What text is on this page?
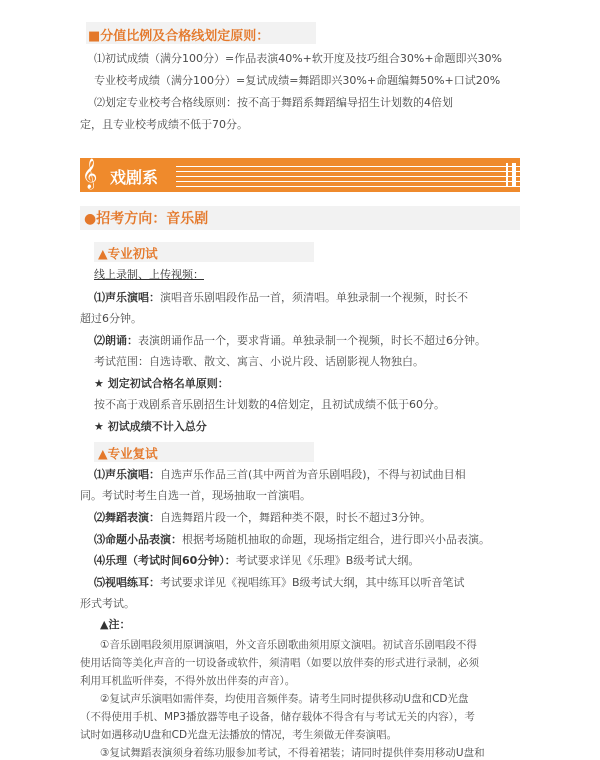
■分值比例及合格线划定原则：
⑴初试成绩（满分100分）=作品表演40%+软开度及技巧组合30%+命题即兴30%
专业校考成绩（满分100分）=复试成绩=舞蹈即兴30%+命题编舞50%+口试20%
⑵划定专业校考合格线原则：按不高于舞蹈系舞蹈编导招生计划数的4倍划
定，且专业校考成绩不低于70分。
𝄞 戏剧系
●招考方向：音乐剧
▲专业初试
线上录制、上传视频：
⑴声乐演唱：演唱音乐剧唱段作品一首，须清唱。单独录制一个视频，时长不
超过6分钟。
⑵朗诵：表演朗诵作品一个，要求背诵。单独录制一个视频，时长不超过6分钟。
考试范围：自选诗歌、散文、寓言、小说片段、话剧影视人物独白。
★ 划定初试合格名单原则：
按不高于戏剧系音乐剧招生计划数的4倍划定，且初试成绩不低于60分。
★ 初试成绩不计入总分
▲专业复试
⑴声乐演唱：自选声乐作品三首(其中两首为音乐剧唱段)，不得与初试曲目相
同。考试时考生自选一首，现场抽取一首演唱。
⑵舞蹈表演：自选舞蹈片段一个，舞蹈种类不限，时长不超过3分钟。
⑶命题小品表演：根据考场随机抽取的命题，现场指定组合，进行即兴小品表演。
⑷乐理（考试时间60分钟）：考试要求详见《乐理》B级考试大纲。
⑸视唱练耳：考试要求详见《视唱练耳》B级考试大纲，其中练耳以听音笔试
形式考试。
▲注：
①音乐剧唱段须用原调演唱，外文音乐剧歌曲须用原文演唱。初试音乐剧唱段不得
使用话筒等美化声音的一切设备或软件，须清唱（如要以放伴奏的形式进行录制，必须
利用耳机监听伴奏，不得外放出伴奏的声音）。
②复试声乐演唱如需伴奏，均使用音频伴奏。请考生同时提供移动U盘和CD光盘
（不得使用手机、MP3播放器等电子设备，储存载体不得含有与考试无关的内容），考
试时如遇移动U盘和CD光盘无法播放的情况，考生须做无伴奏演唱。
③复试舞蹈表演须身着练功服参加考试，不得着裙装；请同时提供伴奏用移动U盘和
